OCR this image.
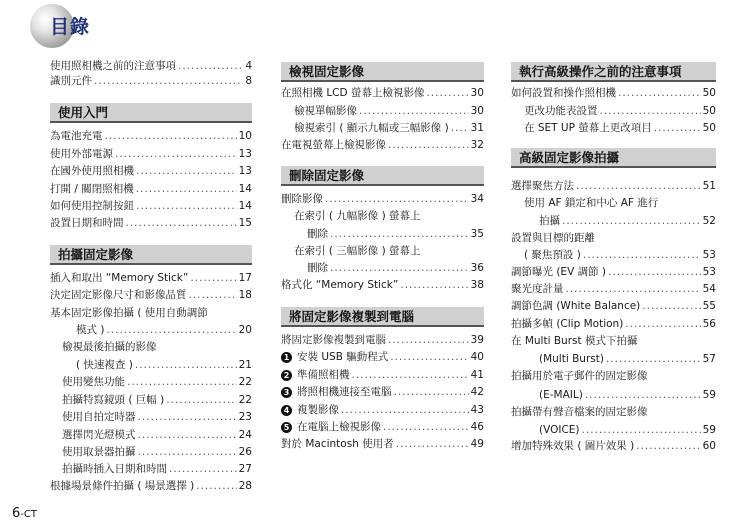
目錄
使用照相機之前的注意事項 .....	4
識別元件 .....	8
使用入門
為電池充電 .....	10
使用外部電源 .....	13
在國外使用照相機 .....	13
打開 / 關閉照相機 .....	14
如何使用控制按鈕 .....	14
設置日期和時間 .....	15
拍攝固定影像
插入和取出 “Memory Stick” .....	17
決定固定影像尺寸和影像品質 .....	18
基本固定影像拍攝 ( 使用自動調節
模式 ) .....	20
檢視最後拍攝的影像
( 快速複查 ) .....	21
使用變焦功能 .....	22
拍攝特寫鏡頭 ( 巨幅 ) .....	22
使用自拍定時器 .....	23
選擇閃光燈模式 .....	24
使用取景器拍攝 .....	26
拍攝時插入日期和時間 .....	27
根據場景條件拍攝 ( 場景選擇 ) .....	28
檢視固定影像
在照相機 LCD 螢幕上檢視影像 .....	30
檢視單幅影像 .....	30
檢視索引 ( 顯示九幅或三幅影像 ) ..... 31
在電視螢幕上檢視影像 .....	32
刪除固定影像
刪除影像 .....	34
在索引 ( 九幅影像 ) 螢幕上
刪除 .....	35
在索引 ( 三幅影像 ) 螢幕上
刪除 .....	36
格式化 “Memory Stick” .....	38
將固定影像複製到電腦
將固定影像複製到電腦 .....	39
1 安裝 USB 驅動程式 .....	40
2 準備照相機 .....	41
3 將照相機連接至電腦 .....	42
4 複製影像 .....	43
5 在電腦上檢視影像 .....	46
對於 Macintosh 使用者 .....	49
執行高級操作之前的注意事項
如何設置和操作照相機 .....	50
更改功能表設置 .....	50
在 SET UP 螢幕上更改項目 .....	50
高級固定影像拍攝
選擇聚焦方法 .....	51
使用 AF 鎖定和中心 AF 進行
拍攝 .....	52
設置與目標的距離
( 聚焦預設 ) .....	53
調節曝光 (EV 調節 ) .....	53
聚光度計量 .....	54
調節色調 (White Balance) .....	55
拍攝多幀 (Clip Motion) .....	56
在 Multi Burst 模式下拍攝
(Multi Burst) .....	57
拍攝用於電子郵件的固定影像
(E-MAIL) .....	59
拍攝帶有聲音檔案的固定影像
(VOICE) .....	59
增加特殊效果 ( 圖片效果 ) .....	60
6-CT
